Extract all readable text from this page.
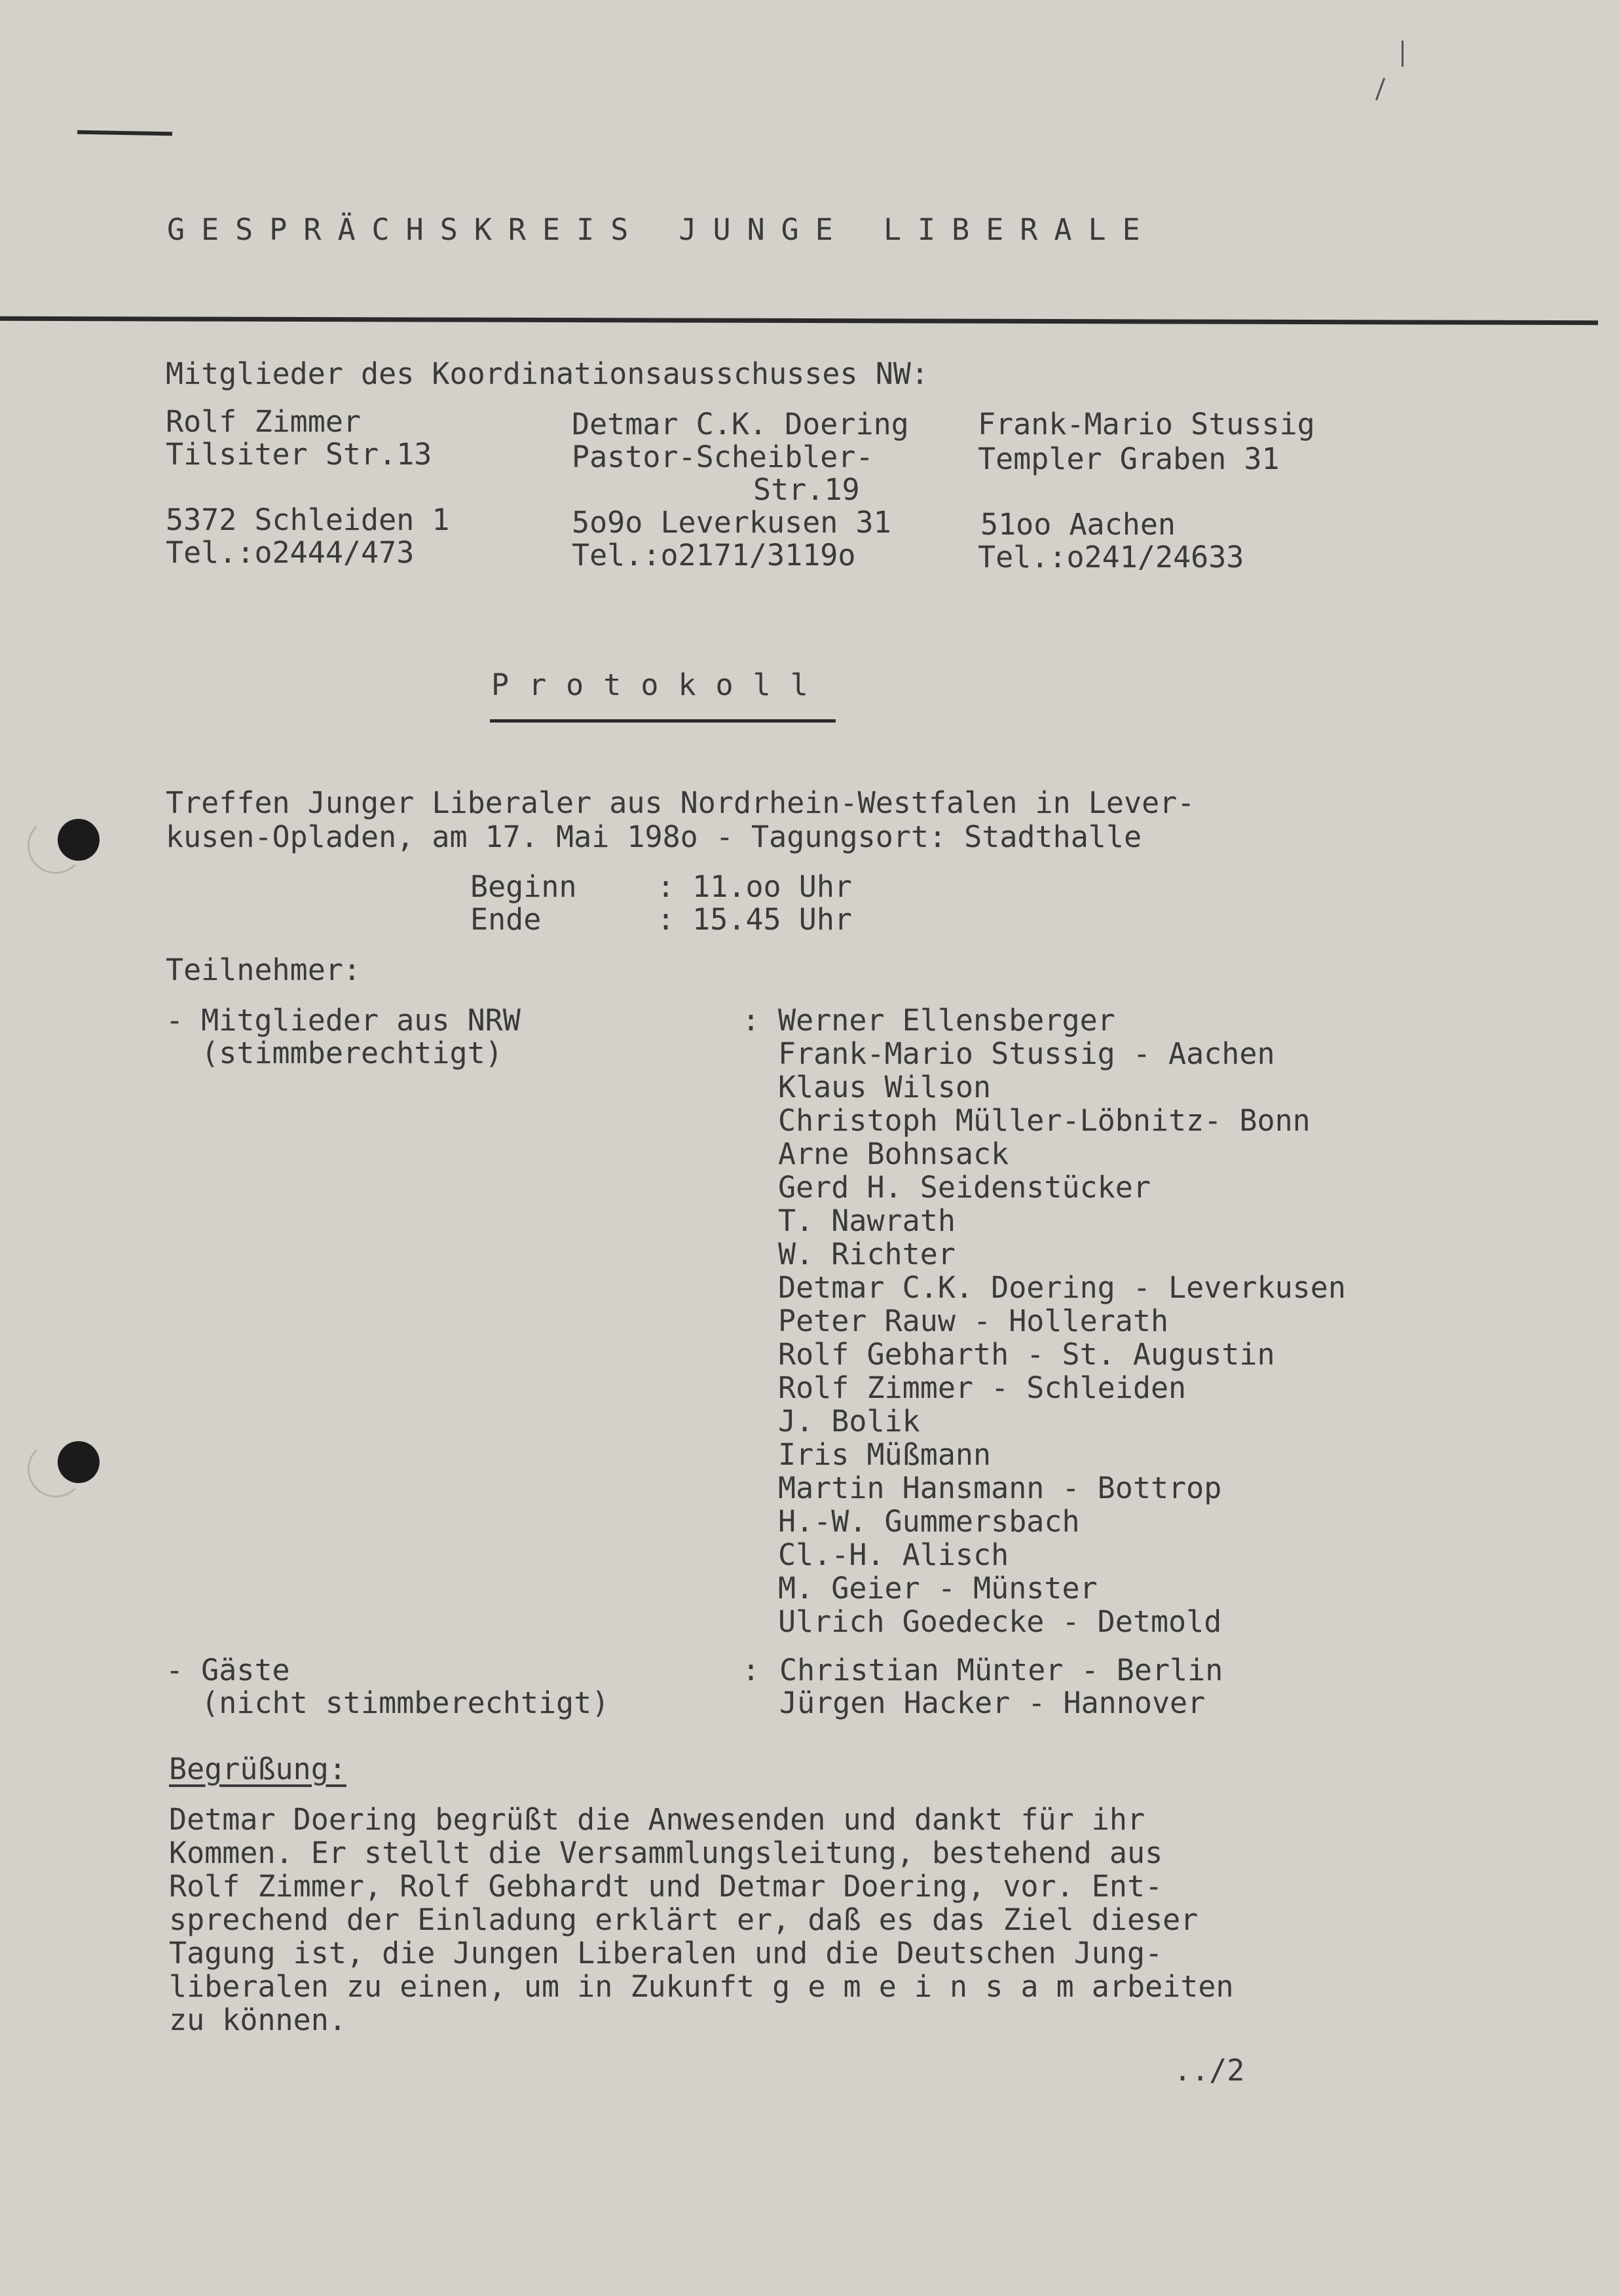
GESPRÄCHSKREIS JUNGE LIBERALE
Mitglieder des Koordinationsausschusses NW:
Rolf Zimmer
Tilsiter Str.13
5372 Schleiden 1
Tel.:o2444/473
Detmar C.K. Doering
Pastor-Scheibler-
Str.19
5o9o Leverkusen 31
Tel.:o2171/3119o
Frank-Mario Stussig
Templer Graben 31
51oo Aachen
Tel.:o241/24633
Protokoll
Treffen Junger Liberaler aus Nordrhein-Westfalen in Lever-
kusen-Opladen, am 17. Mai 198o - Tagungsort: Stadthalle
Beginn	: 11.oo Uhr
Ende	: 15.45 Uhr
Teilnehmer:
- Mitglieder aus NRW
(stimmberechtigt)
: Werner Ellensberger
Frank-Mario Stussig - Aachen
Klaus Wilson
Christoph Müller-Löbnitz- Bonn
Arne Bohnsack
Gerd H. Seidenstücker
T. Nawrath
W. Richter
Detmar C.K. Doering - Leverkusen
Peter Rauw - Hollerath
Rolf Gebharth - St. Augustin
Rolf Zimmer - Schleiden
J. Bolik
Iris Müßmann
Martin Hansmann - Bottrop
H.-W. Gummersbach
Cl.-H. Alisch
M. Geier - Münster
Ulrich Goedecke - Detmold
- Gäste
(nicht stimmberechtigt)
: Christian Münter - Berlin
Jürgen Hacker - Hannover
Begrüßung:
Detmar Doering begrüßt die Anwesenden und dankt für ihr
Kommen. Er stellt die Versammlungsleitung, bestehend aus
Rolf Zimmer, Rolf Gebhardt und Detmar Doering, vor. Ent-
sprechend der Einladung erklärt er, daß es das Ziel dieser
Tagung ist, die Jungen Liberalen und die Deutschen Jung-
liberalen zu einen, um in Zukunft g e m e i n s a m arbeiten
zu können.
../2
